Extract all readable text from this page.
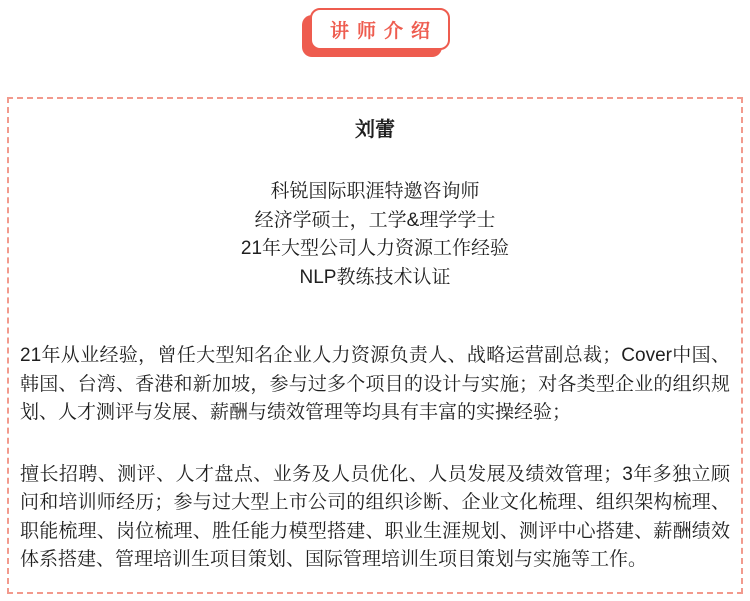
讲师介绍
刘蕾
科锐国际职涯特邀咨询师
经济学硕士，工学&理学学士
21年大型公司人力资源工作经验
NLP教练技术认证

21年从业经验，曾任大型知名企业人力资源负责人、战略运营副总裁；Cover中国、韩国、台湾、香港和新加坡，参与过多个项目的设计与实施；对各类型企业的组织规划、人才测评与发展、薪酬与绩效管理等均具有丰富的实操经验；

擅长招聘、测评、人才盘点、业务及人员优化、人员发展及绩效管理；3年多独立顾问和培训师经历；参与过大型上市公司的组织诊断、企业文化梳理、组织架构梳理、职能梳理、岗位梳理、胜任能力模型搭建、职业生涯规划、测评中心搭建、薪酬绩效体系搭建、管理培训生项目策划、国际管理培训生项目策划与实施等工作。
